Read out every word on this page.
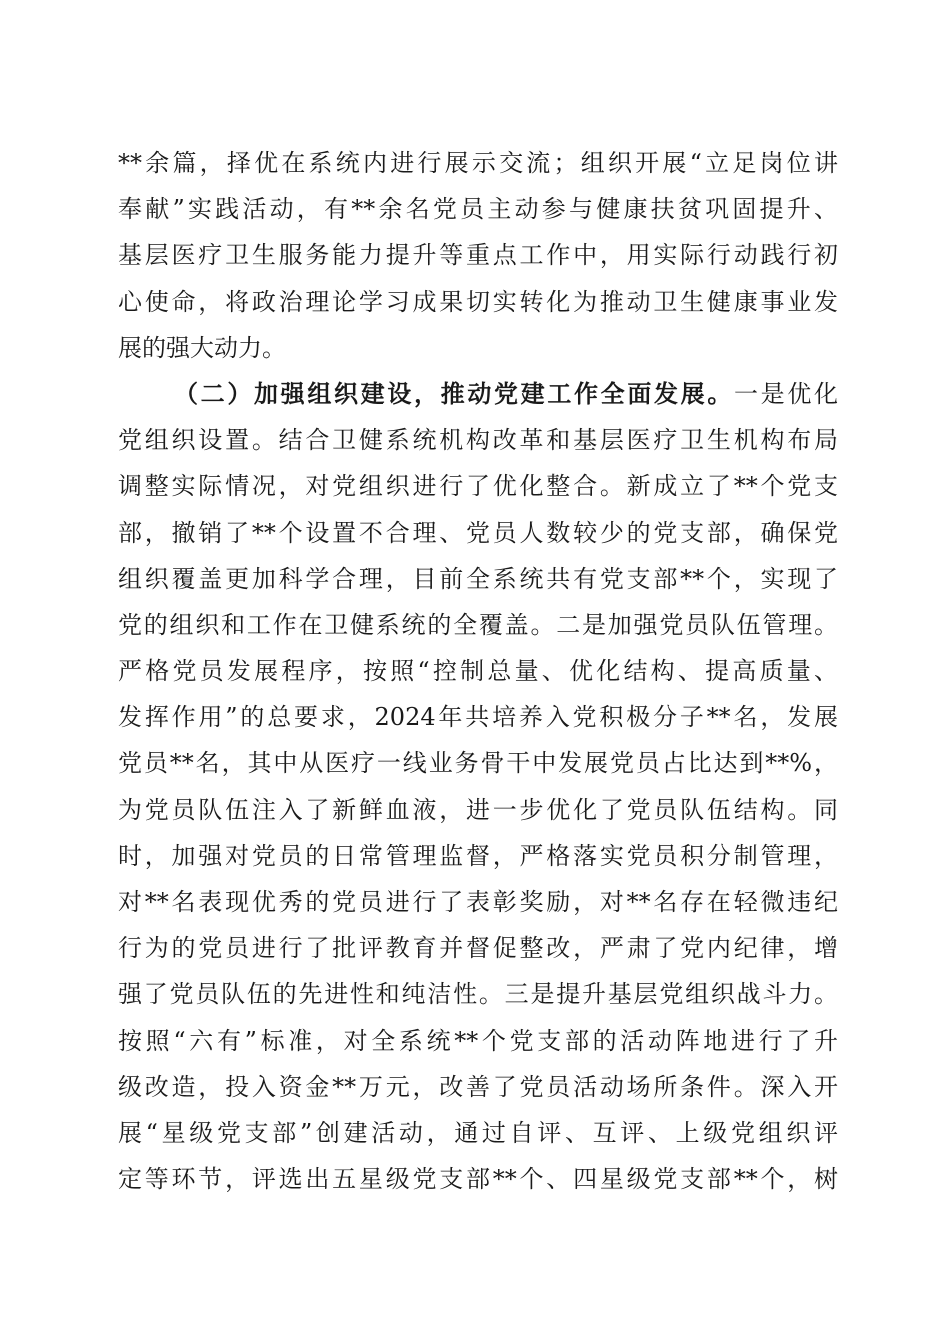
**余篇，择优在系统内进行展示交流；组织开展“立足岗位讲
奉献”实践活动，有**余名党员主动参与健康扶贫巩固提升、
基层医疗卫生服务能力提升等重点工作中，用实际行动践行初
心使命，将政治理论学习成果切实转化为推动卫生健康事业发
展的强大动力。
（二）加强组织建设，推动党建工作全面发展。一是优化
党组织设置。结合卫健系统机构改革和基层医疗卫生机构布局
调整实际情况，对党组织进行了优化整合。新成立了**个党支
部，撤销了**个设置不合理、党员人数较少的党支部，确保党
组织覆盖更加科学合理，目前全系统共有党支部**个，实现了
党的组织和工作在卫健系统的全覆盖。二是加强党员队伍管理。
严格党员发展程序，按照“控制总量、优化结构、提高质量、
发挥作用”的总要求，2024年共培养入党积极分子**名，发展
党员**名，其中从医疗一线业务骨干中发展党员占比达到**%，
为党员队伍注入了新鲜血液，进一步优化了党员队伍结构。同
时，加强对党员的日常管理监督，严格落实党员积分制管理，
对**名表现优秀的党员进行了表彰奖励，对**名存在轻微违纪
行为的党员进行了批评教育并督促整改，严肃了党内纪律，增
强了党员队伍的先进性和纯洁性。三是提升基层党组织战斗力。
按照“六有”标准，对全系统**个党支部的活动阵地进行了升
级改造，投入资金**万元，改善了党员活动场所条件。深入开
展“星级党支部”创建活动，通过自评、互评、上级党组织评
定等环节，评选出五星级党支部**个、四星级党支部**个，树
